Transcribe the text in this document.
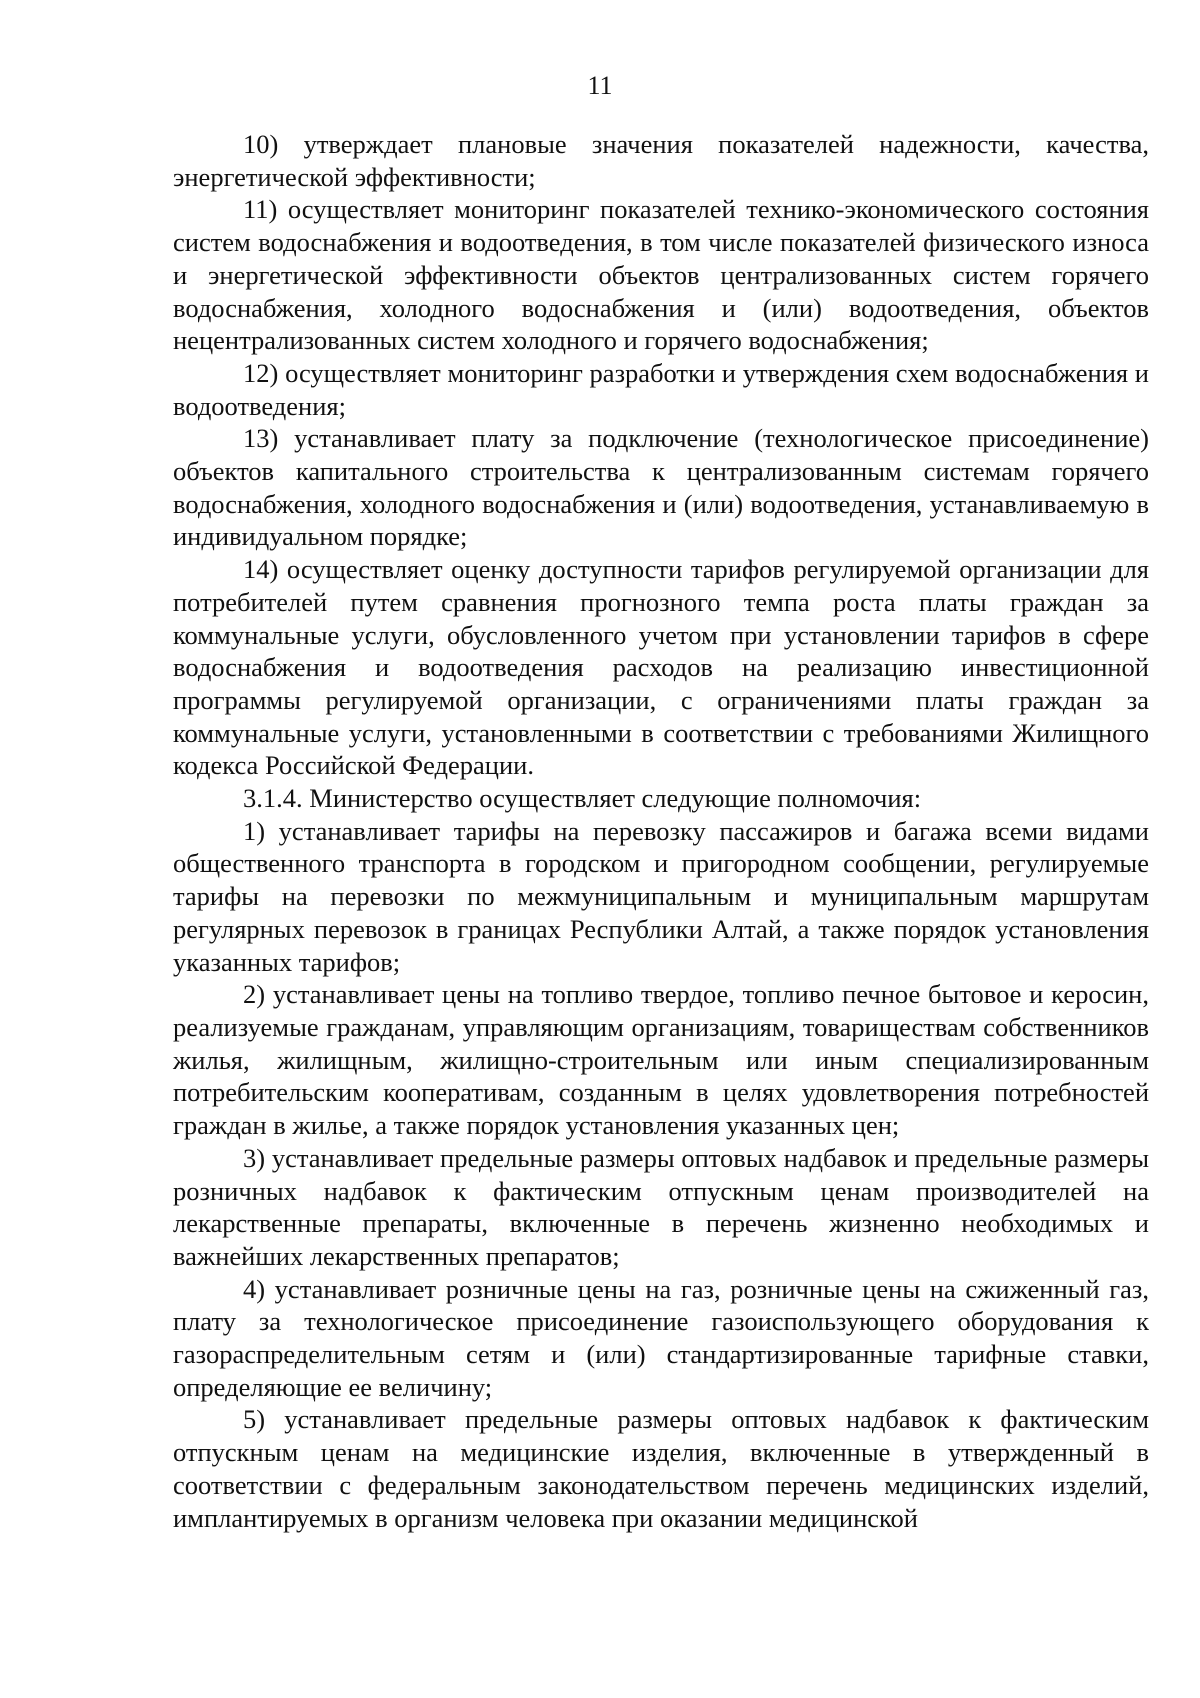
11

10) утверждает плановые значения показателей надежности, качества, энергетической эффективности;

11) осуществляет мониторинг показателей технико-экономического состояния систем водоснабжения и водоотведения, в том числе показателей физического износа и энергетической эффективности объектов централизованных систем горячего водоснабжения, холодного водоснабжения и (или) водоотведения, объектов нецентрализованных систем холодного и горячего водоснабжения;

12) осуществляет мониторинг разработки и утверждения схем водоснабжения и водоотведения;

13) устанавливает плату за подключение (технологическое присоединение) объектов капитального строительства к централизованным системам горячего водоснабжения, холодного водоснабжения и (или) водоотведения, устанавливаемую в индивидуальном порядке;

14) осуществляет оценку доступности тарифов регулируемой организации для потребителей путем сравнения прогнозного темпа роста платы граждан за коммунальные услуги, обусловленного учетом при установлении тарифов в сфере водоснабжения и водоотведения расходов на реализацию инвестиционной программы регулируемой организации, с ограничениями платы граждан за коммунальные услуги, установленными в соответствии с требованиями Жилищного кодекса Российской Федерации.

3.1.4. Министерство осуществляет следующие полномочия:

1) устанавливает тарифы на перевозку пассажиров и багажа всеми видами общественного транспорта в городском и пригородном сообщении, регулируемые тарифы на перевозки по межмуниципальным и муниципальным маршрутам регулярных перевозок в границах Республики Алтай, а также порядок установления указанных тарифов;

2) устанавливает цены на топливо твердое, топливо печное бытовое и керосин, реализуемые гражданам, управляющим организациям, товариществам собственников жилья, жилищным, жилищно-строительным или иным специализированным потребительским кооперативам, созданным в целях удовлетворения потребностей граждан в жилье, а также порядок установления указанных цен;

3) устанавливает предельные размеры оптовых надбавок и предельные размеры розничных надбавок к фактическим отпускным ценам производителей на лекарственные препараты, включенные в перечень жизненно необходимых и важнейших лекарственных препаратов;

4) устанавливает розничные цены на газ, розничные цены на сжиженный газ, плату за технологическое присоединение газоиспользующего оборудования к газораспределительным сетям и (или) стандартизированные тарифные ставки, определяющие ее величину;

5) устанавливает предельные размеры оптовых надбавок к фактическим отпускным ценам на медицинские изделия, включенные в утвержденный в соответствии с федеральным законодательством перечень медицинских изделий, имплантируемых в организм человека при оказании медицинской
